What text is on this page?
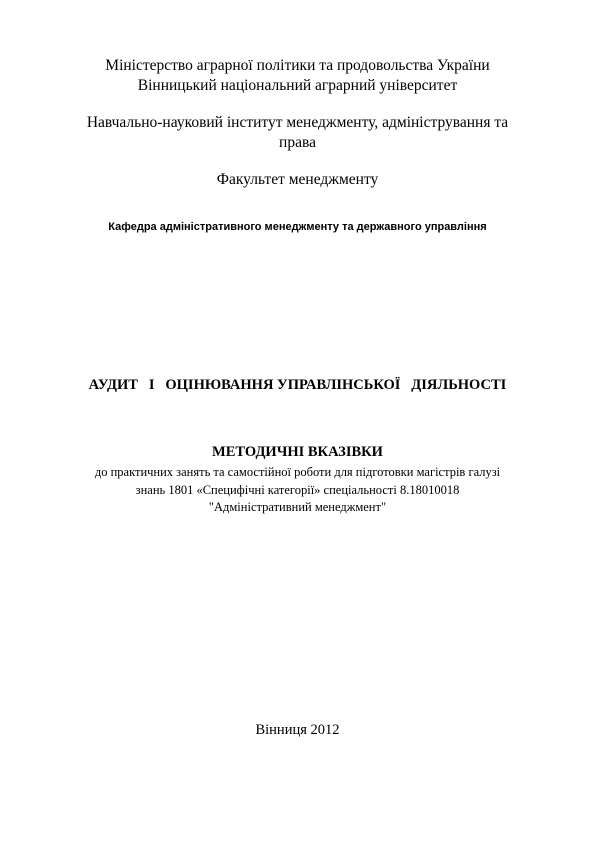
Міністерство аграрної політики та продовольства України
Вінницький національний аграрний університет
Навчально-науковий інститут менеджменту, адміністрування та
права
Факультет менеджменту
Кафедра адміністративного менеджменту та державного управління
АУДИТ   І   ОЦІНЮВАННЯ УПРАВЛІНСЬКОЇ   ДІЯЛЬНОСТІ
МЕТОДИЧНІ ВКАЗІВКИ
до практичних занять та самостійної роботи для підготовки магістрів галузі
знань 1801 «Специфічні категорії» спеціальності 8.18010018
"Адміністративний менеджмент"
Вінниця 2012
